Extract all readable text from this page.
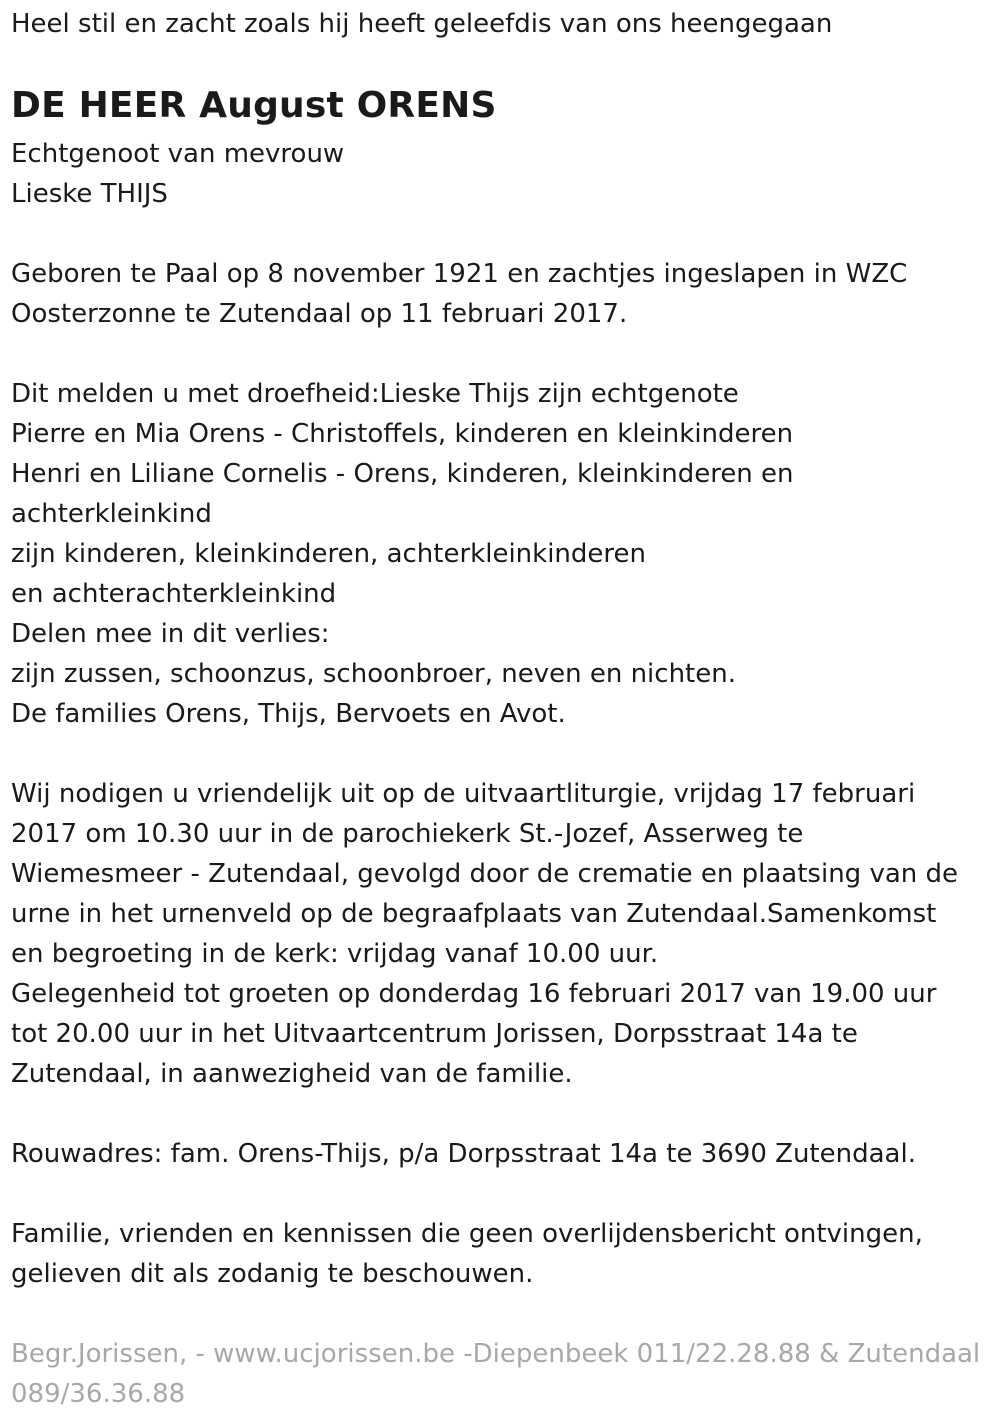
Heel stil en zacht zoals hij heeft geleefdis van ons heengegaan
DE HEER August ORENS
Echtgenoot van mevrouw
Lieske THIJS
Geboren te Paal op 8 november 1921 en zachtjes ingeslapen in WZC
Oosterzonne te Zutendaal op 11 februari 2017.
Dit melden u met droefheid:Lieske Thijs zijn echtgenote
Pierre en Mia Orens - Christoffels, kinderen en kleinkinderen
Henri en Liliane Cornelis - Orens, kinderen, kleinkinderen en
achterkleinkind
zijn kinderen, kleinkinderen, achterkleinkinderen
en achterachterkleinkind
Delen mee in dit verlies:
zijn zussen, schoonzus, schoonbroer, neven en nichten.
De families Orens, Thijs, Bervoets en Avot.
Wij nodigen u vriendelijk uit op de uitvaartliturgie, vrijdag 17 februari
2017 om 10.30 uur in de parochiekerk St.-Jozef, Asserweg te
Wiemesmeer - Zutendaal, gevolgd door de crematie en plaatsing van de
urne in het urnenveld op de begraafplaats van Zutendaal.Samenkomst
en begroeting in de kerk: vrijdag vanaf 10.00 uur.
Gelegenheid tot groeten op donderdag 16 februari 2017 van 19.00 uur
tot 20.00 uur in het Uitvaartcentrum Jorissen, Dorpsstraat 14a te
Zutendaal, in aanwezigheid van de familie.
Rouwadres: fam. Orens-Thijs, p/a Dorpsstraat 14a te 3690 Zutendaal.
Familie, vrienden en kennissen die geen overlijdensbericht ontvingen,
gelieven dit als zodanig te beschouwen.
Begr.Jorissen, - www.ucjorissen.be -Diepenbeek 011/22.28.88 & Zutendaal
089/36.36.88
